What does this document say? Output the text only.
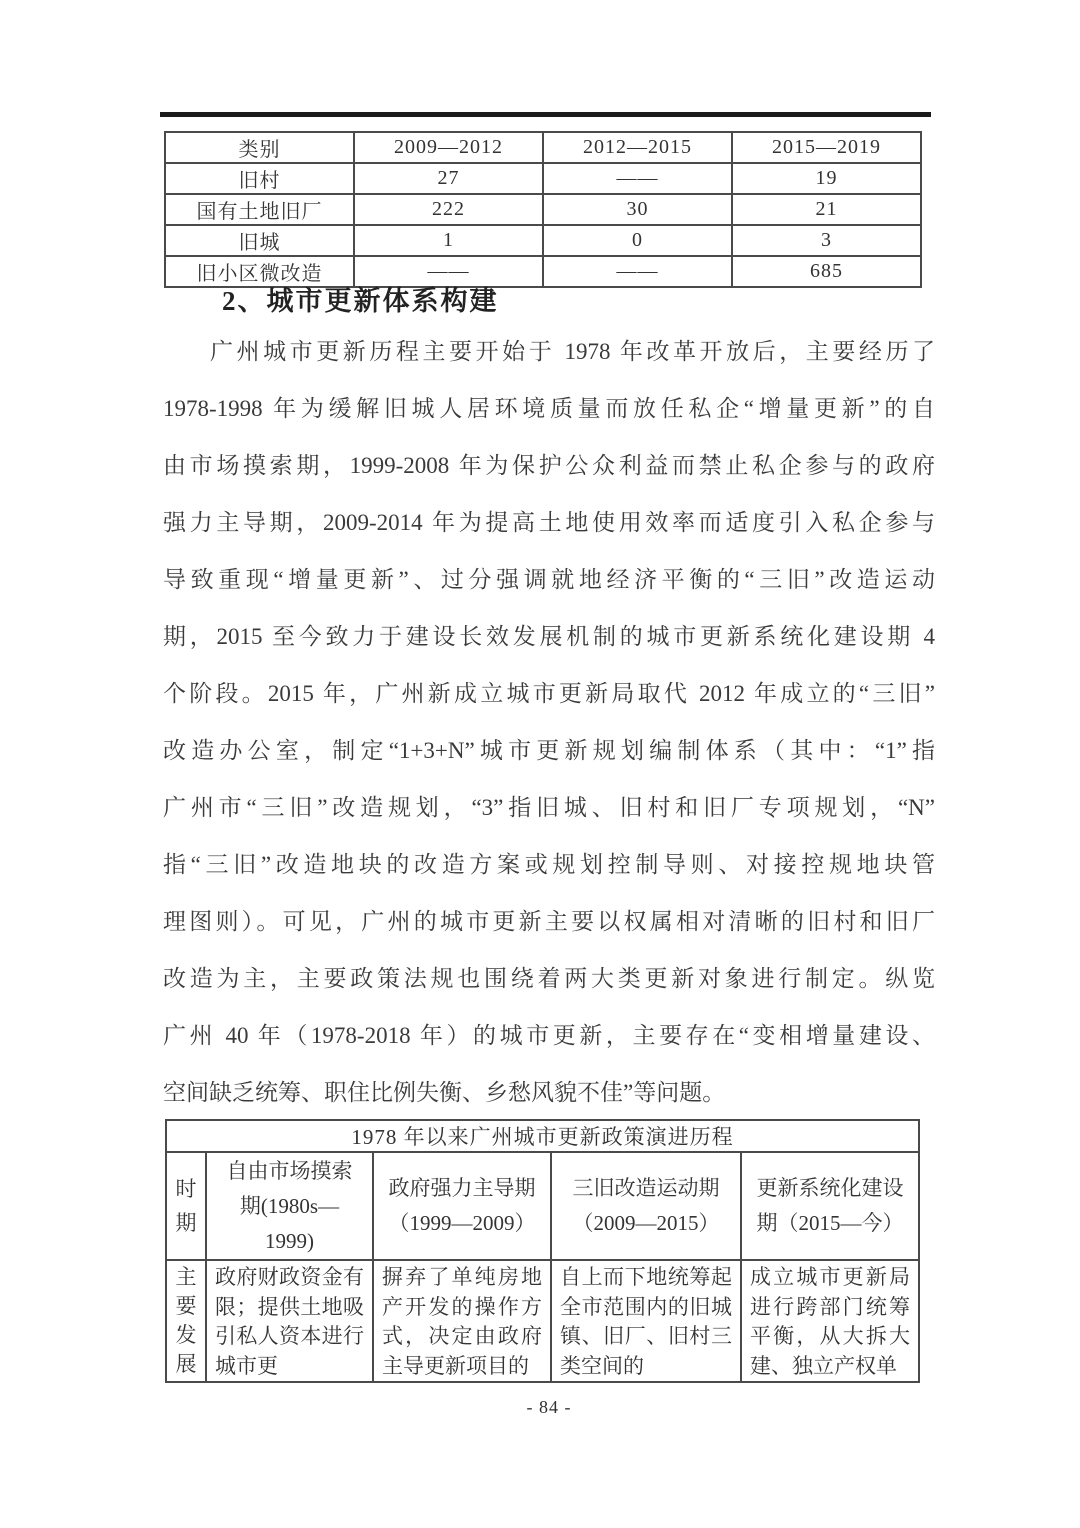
类别	2009—2012	2012—2015	2015—2019
旧村	27	——	19
国有土地旧厂	222	30	21
旧城	1	0	3
旧小区微改造	——	——	685
2、城市更新体系构建
广州城市更新历程主要开始于 1978 年改革开放后，主要经历了
1978-1998 年为缓解旧城人居环境质量而放任私企“增量更新”的自
由市场摸索期，1999-2008 年为保护公众利益而禁止私企参与的政府
强力主导期，2009-2014 年为提高土地使用效率而适度引入私企参与
导致重现“增量更新”、过分强调就地经济平衡的“三旧”改造运动
期，2015 至今致力于建设长效发展机制的城市更新系统化建设期 4
个阶段。2015 年，广州新成立城市更新局取代 2012 年成立的“三旧”
改造办公室，制定“1+3+N”城市更新规划编制体系（其中：“1”指
广州市“三旧”改造规划，“3”指旧城、旧村和旧厂专项规划，“N”
指“三旧”改造地块的改造方案或规划控制导则、对接控规地块管
理图则）。可见，广州的城市更新主要以权属相对清晰的旧村和旧厂
改造为主，主要政策法规也围绕着两大类更新对象进行制定。纵览
广州 40 年（1978-2018 年）的城市更新，主要存在“变相增量建设、
空间缺乏统筹、职住比例失衡、乡愁风貌不佳”等问题。
1978 年以来广州城市更新政策演进历程				
时期	自由市场摸索期(1980s—1999)	政府强力主导期（1999—2009）	三旧改造运动期（2009—2015）	更新系统化建设期（2015—今）
主要发展	政府财政资金有限；提供土地吸引私人资本进行城市更	摒弃了单纯房地产开发的操作方式，决定由政府主导更新项目的	自上而下地统筹起全市范围内的旧城镇、旧厂、旧村三类空间的	成立城市更新局进行跨部门统筹平衡，从大拆大建、独立产权单
- 84 -
